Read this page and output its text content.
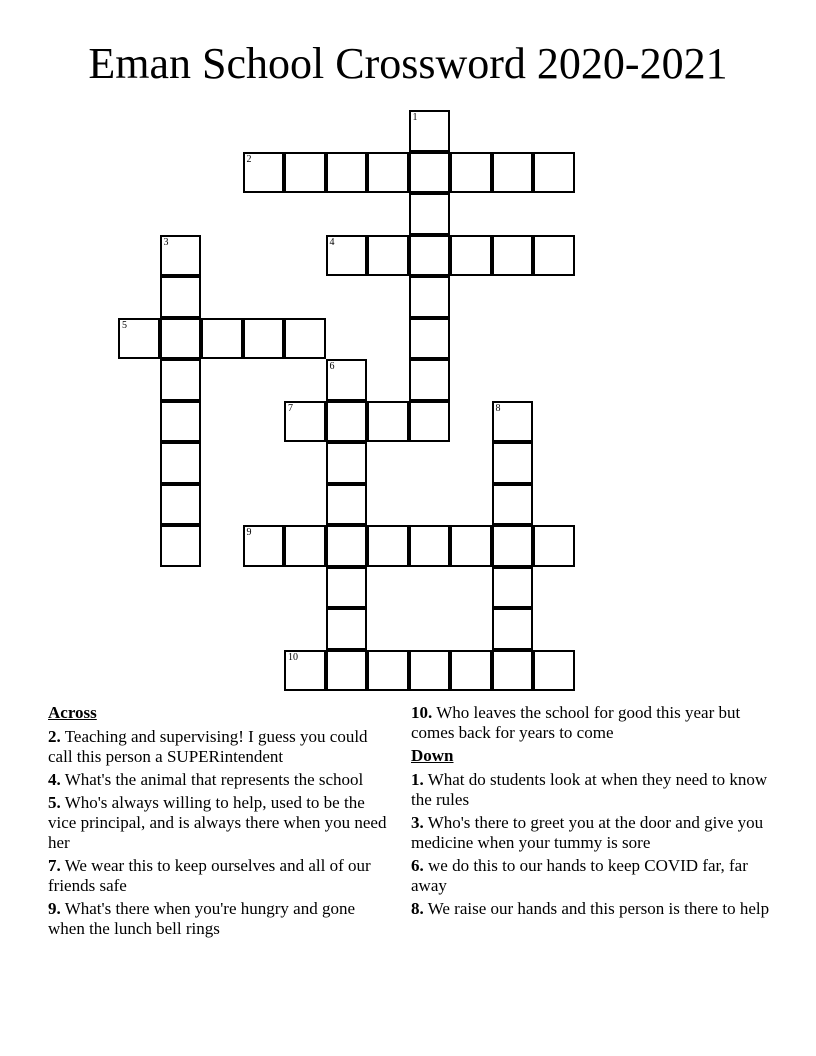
Eman School Crossword 2020-2021
1
2
3	4
5
6
7	8
9
10
Across
2. Teaching and supervising! I guess you could call this person a SUPERintendent
4. What's the animal that represents the school
5. Who's always willing to help, used to be the vice principal, and is always there when you need her
7. We wear this to keep ourselves and all of our friends safe
9. What's there when you're hungry and gone when the lunch bell rings
10. Who leaves the school for good this year but comes back for years to come
Down
1. What do students look at when they need to know the rules
3. Who's there to greet you at the door and give you medicine when your tummy is sore
6. we do this to our hands to keep COVID far, far away
8. We raise our hands and this person is there to help
